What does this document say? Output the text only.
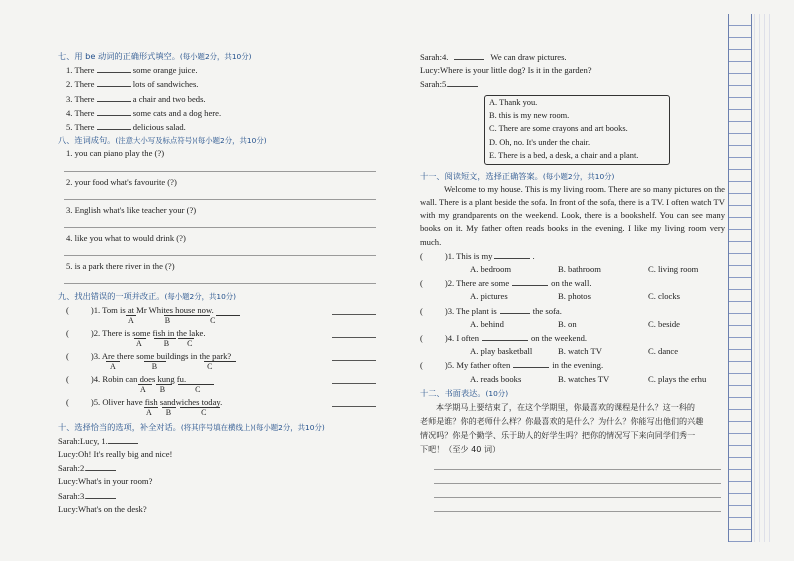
七、用 be 动词的正确形式填空。(每小题2分，共10分)
1. There	some orange juice.
2. There	lots of sandwiches.
3. There	a chair and two beds.
4. There	some cats and a dog here.
5. There	delicious salad.
八、连词成句。(注意大小写及标点符号)(每小题2分，共10分)
1. you can piano play the (?)
2. your food what's favourite (?)
3. English what's like teacher your (?)
4. like you what to would drink (?)
5. is a park there river in the (?)
九、找出错误的一项并改正。(每小题2分，共10分)
(	)1. Tom is at Mr Whites house now.
A	B	C
(	)2. There is some fish in the lake.
A	B C
(	)3. Are there some buildings in the park?
A	B	C
(	)4. Robin can does kung fu.
A B	C
(	)5. Oliver have fish sandwiches today.
A B	C
十、选择恰当的选项，补全对话。(将其序号填在横线上)(每小题2分，共10分)
Sarah:Lucy, 1.
Lucy:Oh! It's really big and nice!
Sarah:2.
Lucy:What's in your room?
Sarah:3.
Lucy:What's on the desk?
Sarah:4.	We can draw pictures.
Lucy:Where is your little dog? Is it in the garden?
Sarah:5.
十一、阅读短文，选择正确答案。(每小题2分，共10分)

Welcome to my house. This is my living room. There are so many pictures on the wall. There is a plant beside the sofa. In front of the sofa, there is a TV. I often watch TV with my grandparents on the weekend. Look, there is a bookshelf. You can see many books on it. My father often reads books in the evening. I like my living room very much.

(	)1. This is my	.
A. bedroom	B. bathroom	C. living room
(	)2. There are some	on the wall.
A. pictures	B. photos	C. clocks
(	)3. The plant is	the sofa.
A. behind	B. on	C. beside
(	)4. I often	on the weekend.
A. play basketball	B. watch TV	C. dance
(	)5. My father often	in the evening.
A. reads books	B. watches TV	C. plays the erhu
十二、书面表达。(10分)
本学期马上要结束了，在这个学期里，你最喜欢的课程是什么？这一科的
老师是谁？你的老师什么样？你最喜欢的是什么？为什么？你能写出他们的兴趣
情况吗？你是个勤学、乐于助人的好学生吗？把你的情况写下来向同学们秀一
下吧！（至少 40 词）
A. Thank you.
B. this is my new room.
C. There are some crayons and art books.
D. Oh, no. It's under the chair.
E. There is a bed, a desk, a chair and a plant.
